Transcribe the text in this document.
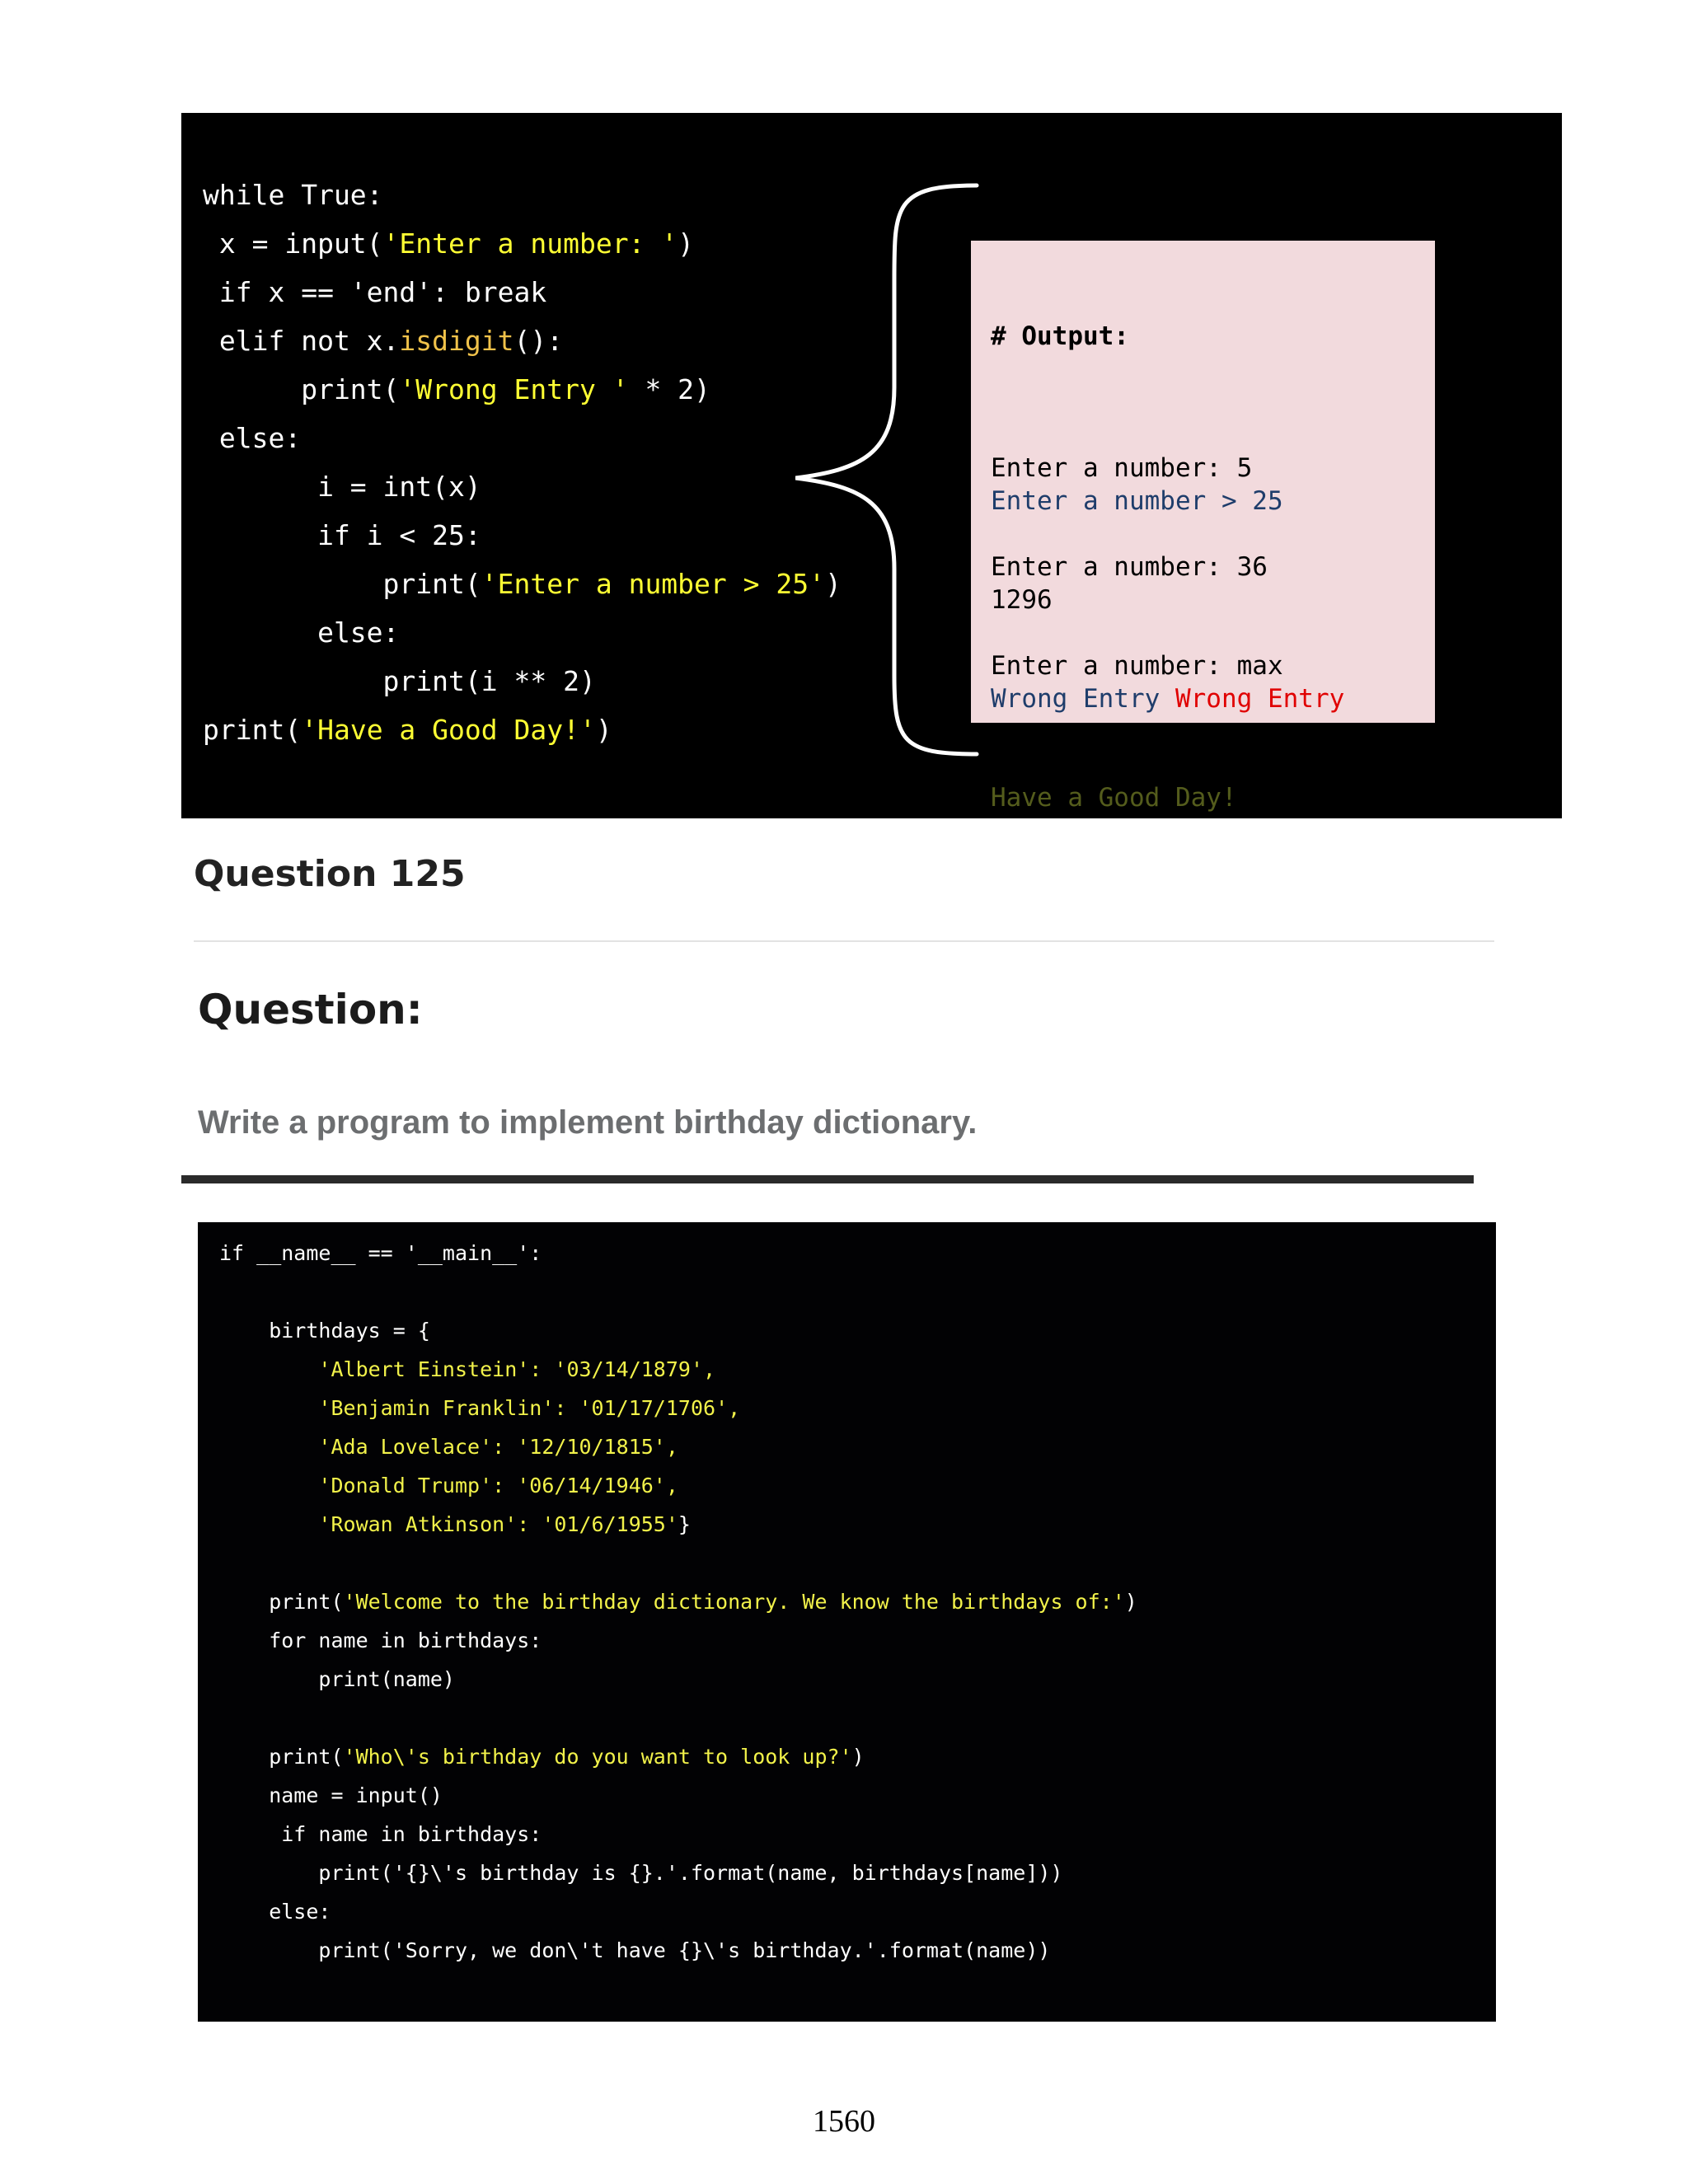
while True:
x = input('Enter a number: ')
if x == 'end': break
elif not x.isdigit():
print('Wrong Entry ' * 2)
else:
i = int(x)
if i < 25:
print('Enter a number > 25')
else:
print(i ** 2)
print('Have a Good Day!')

# Output:

Enter a number: 5
Enter a number > 25
Enter a number: 36
1296
Enter a number: max
Wrong Entry Wrong Entry
Enter a number: end
Have a Good Day!
Question 125
Question:

Write a program to implement birthday dictionary.

if __name__ == '__main__':
birthdays = {
'Albert Einstein': '03/14/1879',
'Benjamin Franklin': '01/17/1706',
'Ada Lovelace': '12/10/1815',
'Donald Trump': '06/14/1946',
'Rowan Atkinson': '01/6/1955'}
print('Welcome to the birthday dictionary. We know the birthdays of:')
for name in birthdays:
print(name)
print('Who\'s birthday do you want to look up?')
name = input()
if name in birthdays:
print('{}\'s birthday is {}.'.format(name, birthdays[name]))
else:
print('Sorry, we don\'t have {}\'s birthday.'.format(name))
1560
